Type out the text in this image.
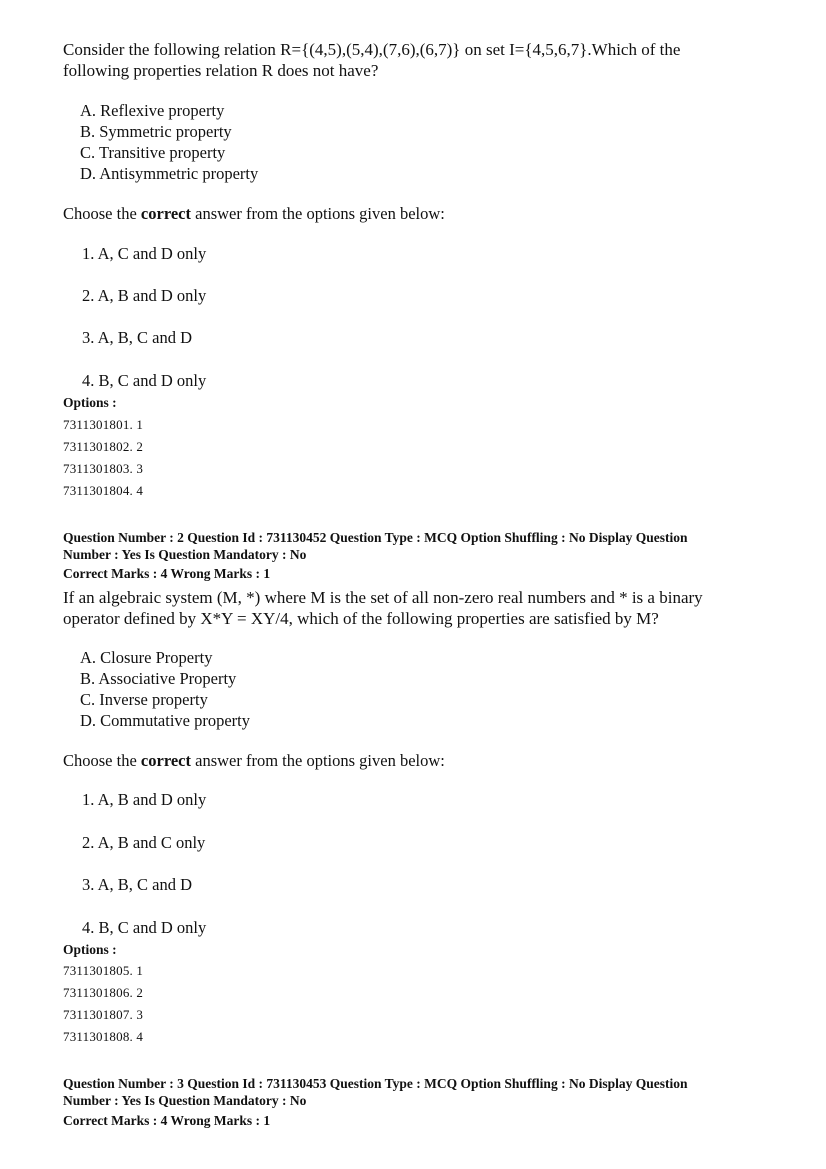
Consider the following relation R={(4,5),(5,4),(7,6),(6,7)} on set I={4,5,6,7}.Which of the
following properties relation R does not have?
A. Reflexive property
B. Symmetric property
C. Transitive property
D. Antisymmetric property
Choose the correct answer from the options given below:
1. A, C and D only
2. A, B and D only
3. A, B, C and D
4. B, C and D only
Options :
7311301801. 1
7311301802. 2
7311301803. 3
7311301804. 4
Question Number : 2 Question Id : 731130452 Question Type : MCQ Option Shuffling : No Display Question
Number : Yes Is Question Mandatory : No
Correct Marks : 4 Wrong Marks : 1
If an algebraic system (M, *) where M is the set of all non-zero real numbers and * is a binary
operator defined by X*Y = XY/4, which of the following properties are satisfied by M?
A. Closure Property
B. Associative Property
C. Inverse property
D. Commutative property
Choose the correct answer from the options given below:
1. A, B and D only
2. A, B and C only
3. A, B, C and D
4. B, C and D only
Options :
7311301805. 1
7311301806. 2
7311301807. 3
7311301808. 4
Question Number : 3 Question Id : 731130453 Question Type : MCQ Option Shuffling : No Display Question
Number : Yes Is Question Mandatory : No
Correct Marks : 4 Wrong Marks : 1
